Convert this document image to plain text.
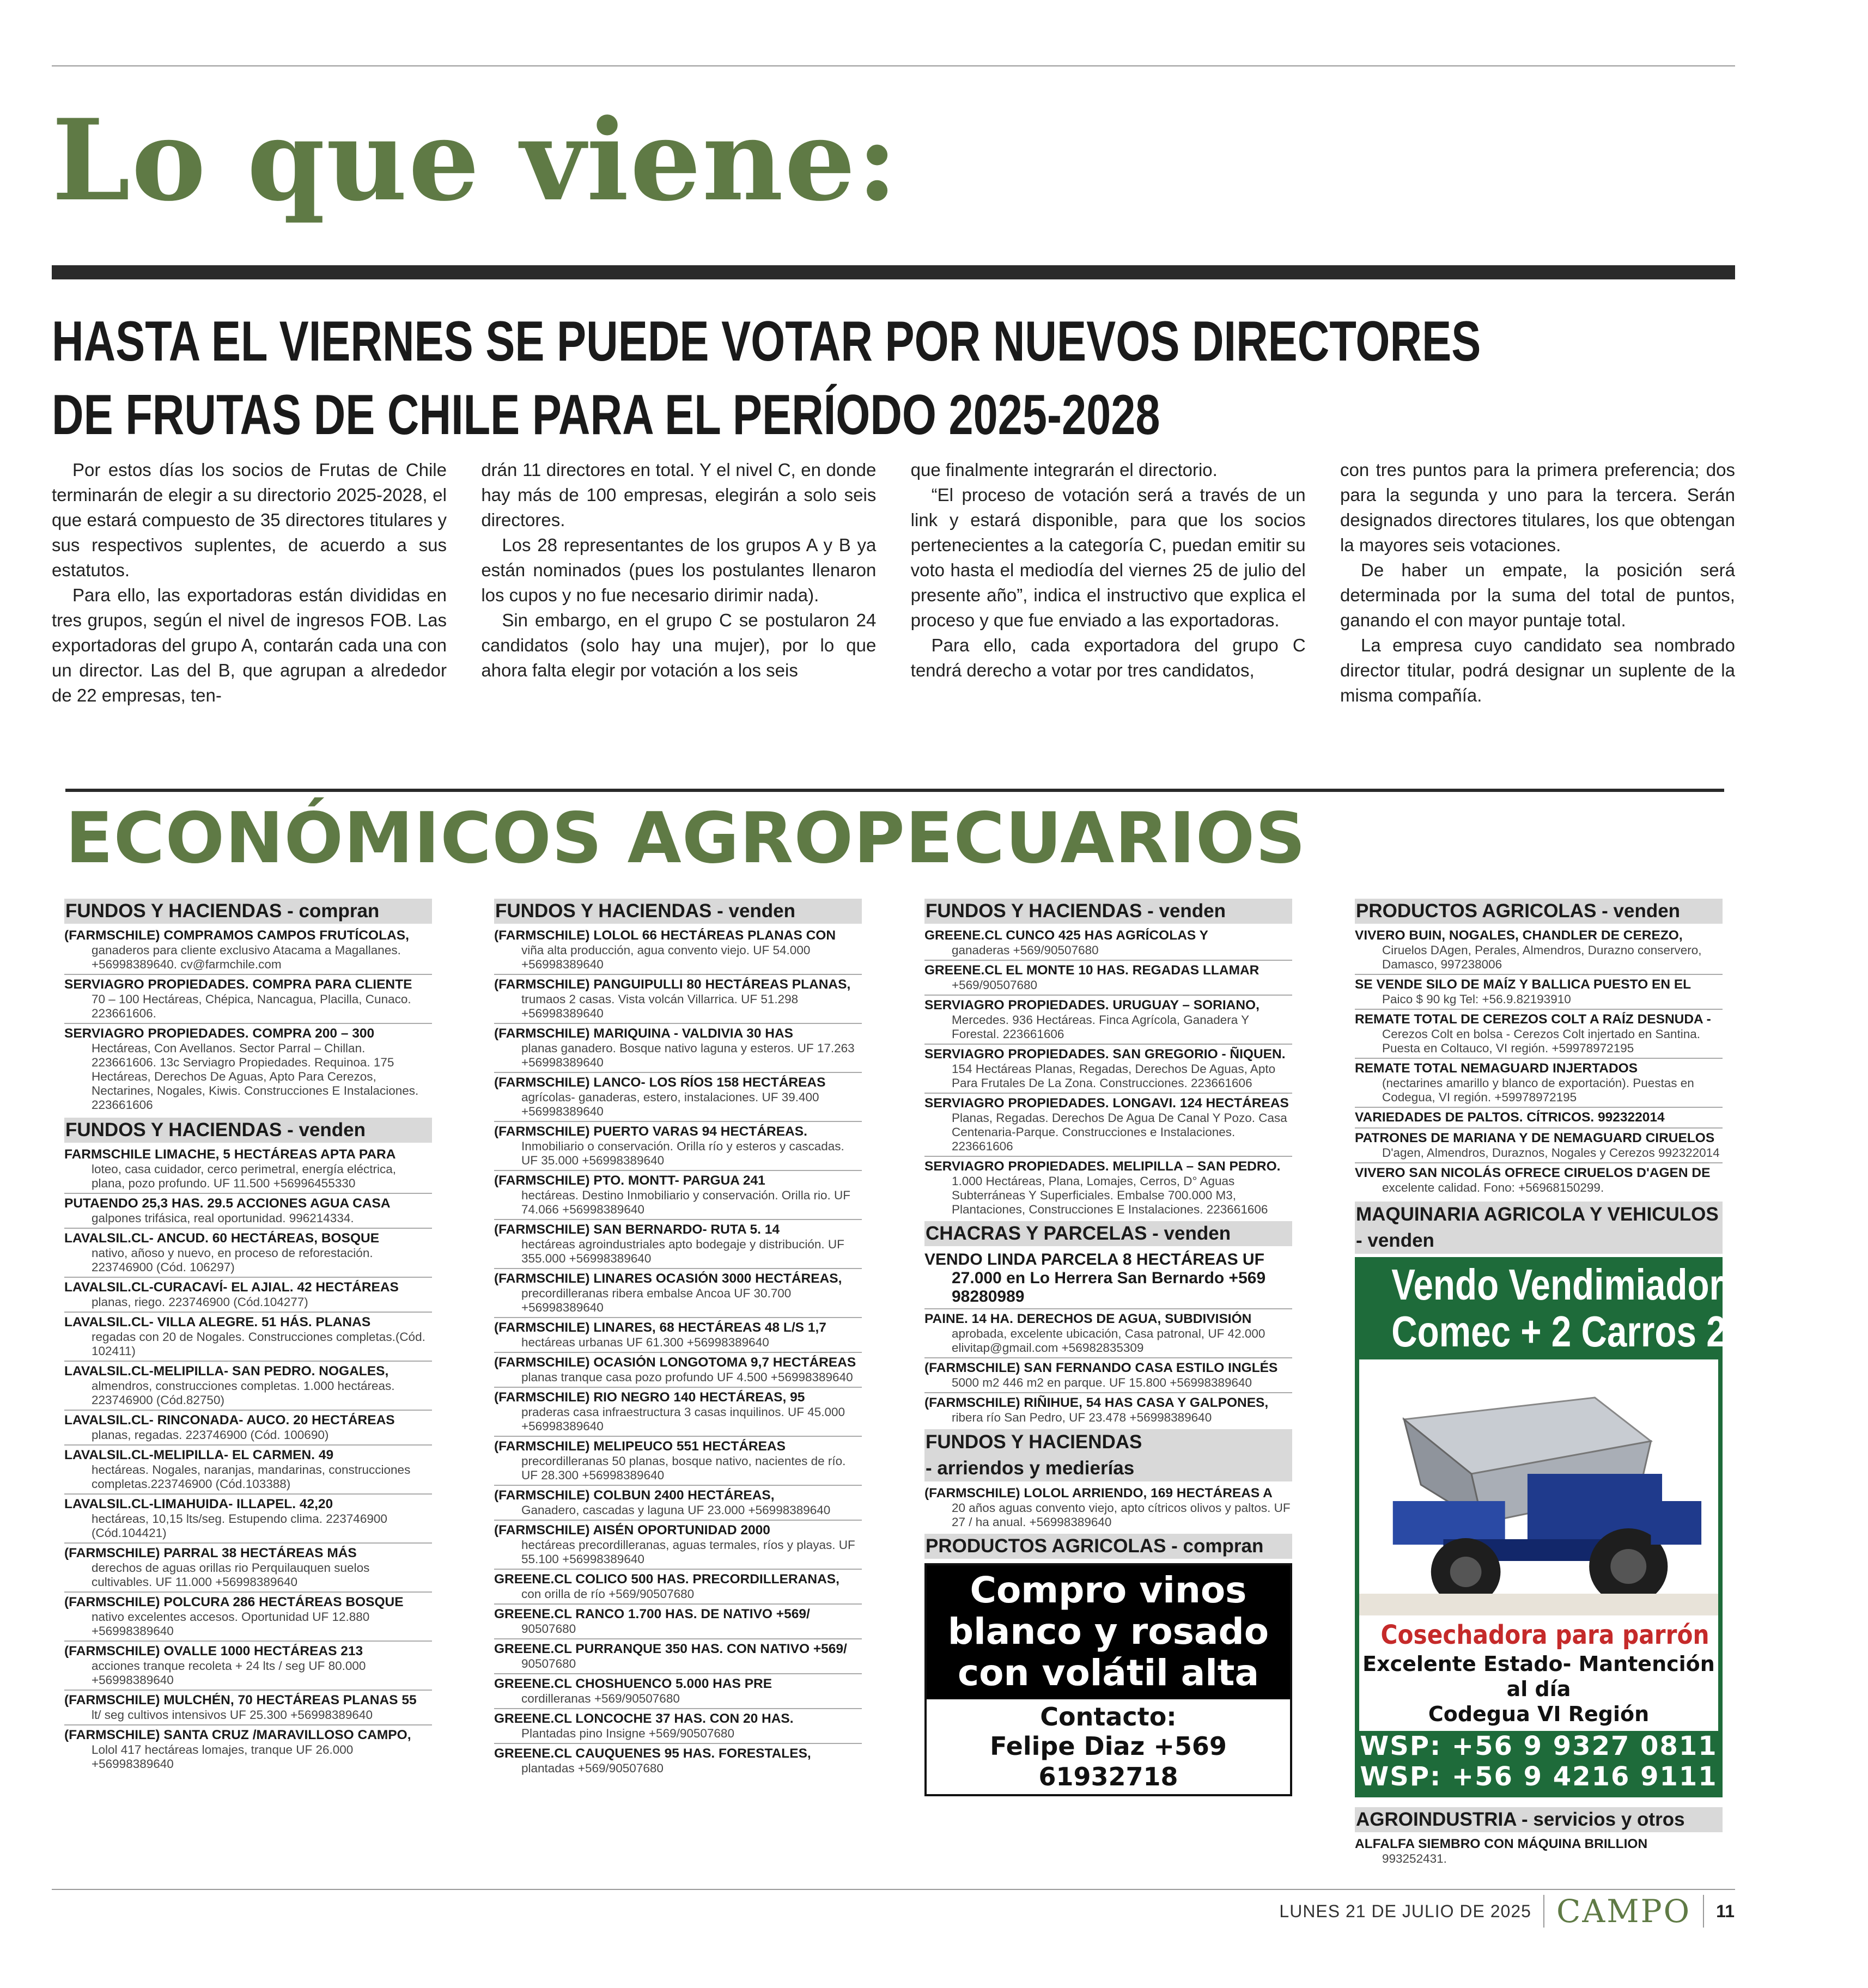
Lo que viene:
HASTA EL VIERNES SE PUEDE VOTAR POR NUEVOS DIRECTORES
DE FRUTAS DE CHILE PARA EL PERÍODO 2025-2028

Por estos días los socios de Frutas de Chile terminarán de elegir a su directorio 2025-2028, el que estará compuesto de 35 directores titulares y sus respectivos suplentes, de acuerdo a sus estatutos.

Para ello, las exportadoras están divididas en tres grupos, según el nivel de ingresos FOB. Las exportadoras del grupo A, contarán cada una con un director. Las del B, que agrupan a alrededor de 22 empresas, ten-

drán 11 directores en total. Y el nivel C, en donde hay más de 100 empresas, elegirán a solo seis directores.

Los 28 representantes de los grupos A y B ya están nominados (pues los postulantes llenaron los cupos y no fue necesario dirimir nada).

Sin embargo, en el grupo C se postularon 24 candidatos (solo hay una mujer), por lo que ahora falta elegir por votación a los seis

que finalmente integrarán el directorio.

“El proceso de votación será a través de un link y estará disponible, para que los socios pertenecientes a la categoría C, puedan emitir su voto hasta el mediodía del viernes 25 de julio del presente año”, indica el instructivo que explica el proceso y que fue enviado a las exportadoras.

Para ello, cada exportadora del grupo C tendrá derecho a votar por tres candidatos,

con tres puntos para la primera preferencia; dos para la segunda y uno para la tercera. Serán designados directores titulares, los que obtengan la mayores seis votaciones.

De haber un empate, la posición será determinada por la suma del total de puntos, ganando el con mayor puntaje total.

La empresa cuyo candidato sea nombrado director titular, podrá designar un suplente de la misma compañía.

ECONÓMICOS AGROPECUARIOS
FUNDOS Y HACIENDAS - compran
(FARMSCHILE) COMPRAMOS CAMPOS FRUTÍCOLAS,
ganaderos para cliente exclusivo Atacama a Magallanes. +56998389640. cv@farmchile.com
SERVIAGRO PROPIEDADES. COMPRA PARA CLIENTE
70 – 100 Hectáreas, Chépica, Nancagua, Placilla, Cunaco. 223661606.
SERVIAGRO PROPIEDADES. COMPRA 200 – 300
Hectáreas, Con Avellanos. Sector Parral – Chillan. 223661606. 13c Serviagro Propiedades. Requinoa. 175 Hectáreas, Derechos De Aguas, Apto Para Cerezos, Nectarines, Nogales, Kiwis. Construcciones E Instalaciones. 223661606
FUNDOS Y HACIENDAS - venden
FARMSCHILE LIMACHE, 5 HECTÁREAS APTA PARA
loteo, casa cuidador, cerco perimetral, energía eléctrica, plana, pozo profundo. UF 11.500 +56996455330
PUTAENDO 25,3 HAS. 29.5 ACCIONES AGUA CASA
galpones trifásica, real oportunidad. 996214334.
LAVALSIL.CL- ANCUD. 60 HECTÁREAS, BOSQUE
nativo, añoso y nuevo, en proceso de reforestación. 223746900 (Cód. 106297)
LAVALSIL.CL-CURACAVÍ- EL AJIAL. 42 HECTÁREAS
planas, riego. 223746900 (Cód.104277)
LAVALSIL.CL- VILLA ALEGRE. 51 HÁS. PLANAS
regadas con 20 de Nogales. Construcciones completas.(Cód. 102411)
LAVALSIL.CL-MELIPILLA- SAN PEDRO. NOGALES,
almendros, construcciones completas. 1.000 hectáreas. 223746900 (Cód.82750)
LAVALSIL.CL- RINCONADA- AUCO. 20 HECTÁREAS
planas, regadas. 223746900 (Cód. 100690)
LAVALSIL.CL-MELIPILLA- EL CARMEN. 49
hectáreas. Nogales, naranjas, mandarinas, construcciones completas.223746900 (Cód.103388)
LAVALSIL.CL-LIMAHUIDA- ILLAPEL. 42,20
hectáreas, 10,15 lts/seg. Estupendo clima. 223746900 (Cód.104421)
(FARMSCHILE) PARRAL 38 HECTÁREAS MÁS
derechos de aguas orillas rio Perquilauquen suelos cultivables. UF 11.000 +56998389640
(FARMSCHILE) POLCURA 286 HECTÁREAS BOSQUE
nativo excelentes accesos. Oportunidad UF 12.880 +56998389640
(FARMSCHILE) OVALLE 1000 HECTÁREAS 213
acciones tranque recoleta + 24 lts / seg UF 80.000 +56998389640
(FARMSCHILE) MULCHÉN, 70 HECTÁREAS PLANAS 55
lt/ seg cultivos intensivos UF 25.300 +56998389640
(FARMSCHILE) SANTA CRUZ /MARAVILLOSO CAMPO,
Lolol 417 hectáreas lomajes, tranque UF 26.000 +56998389640
FUNDOS Y HACIENDAS - venden
(FARMSCHILE) LOLOL 66 HECTÁREAS PLANAS CON
viña alta producción, agua convento viejo. UF 54.000 +56998389640
(FARMSCHILE) PANGUIPULLI 80 HECTÁREAS PLANAS,
trumaos 2 casas. Vista volcán Villarrica. UF 51.298 +56998389640
(FARMSCHILE) MARIQUINA - VALDIVIA 30 HAS
planas ganadero. Bosque nativo laguna y esteros. UF 17.263 +56998389640
(FARMSCHILE) LANCO- LOS RÍOS 158 HECTÁREAS
agrícolas- ganaderas, estero, instalaciones. UF 39.400 +56998389640
(FARMSCHILE) PUERTO VARAS 94 HECTÁREAS.
Inmobiliario o conservación. Orilla río y esteros y cascadas. UF 35.000 +56998389640
(FARMSCHILE) PTO. MONTT- PARGUA 241
hectáreas. Destino Inmobiliario y conservación. Orilla rio. UF 74.066 +56998389640
(FARMSCHILE) SAN BERNARDO- RUTA 5. 14
hectáreas agroindustriales apto bodegaje y distribución. UF 355.000 +56998389640
(FARMSCHILE) LINARES OCASIÓN 3000 HECTÁREAS,
precordilleranas ribera embalse Ancoa UF 30.700 +56998389640
(FARMSCHILE) LINARES, 68 HECTÁREAS 48 L/S 1,7
hectáreas urbanas UF 61.300 +56998389640
(FARMSCHILE) OCASIÓN LONGOTOMA 9,7 HECTÁREAS
planas tranque casa pozo profundo UF 4.500 +56998389640
(FARMSCHILE) RIO NEGRO 140 HECTÁREAS, 95
praderas casa infraestructura 3 casas inquilinos. UF 45.000 +56998389640
(FARMSCHILE) MELIPEUCO 551 HECTÁREAS
precordilleranas 50 planas, bosque nativo, nacientes de río. UF 28.300 +56998389640
(FARMSCHILE) COLBUN 2400 HECTÁREAS,
Ganadero, cascadas y laguna UF 23.000 +56998389640
(FARMSCHILE) AISÉN OPORTUNIDAD 2000
hectáreas precordilleranas, aguas termales, ríos y playas. UF 55.100 +56998389640
GREENE.CL COLICO 500 HAS. PRECORDILLERANAS,
con orilla de río +569/90507680
GREENE.CL RANCO 1.700 HAS. DE NATIVO +569/
90507680
GREENE.CL PURRANQUE 350 HAS. CON NATIVO +569/
90507680
GREENE.CL CHOSHUENCO 5.000 HAS PRE
cordilleranas +569/90507680
GREENE.CL LONCOCHE 37 HAS. CON 20 HAS.
Plantadas pino Insigne +569/90507680
GREENE.CL CAUQUENES 95 HAS. FORESTALES,
plantadas +569/90507680
FUNDOS Y HACIENDAS - venden
GREENE.CL CUNCO 425 HAS AGRÍCOLAS Y
ganaderas +569/90507680
GREENE.CL EL MONTE 10 HAS. REGADAS LLAMAR
+569/90507680
SERVIAGRO PROPIEDADES. URUGUAY – SORIANO,
Mercedes. 936 Hectáreas. Finca Agrícola, Ganadera Y Forestal. 223661606
SERVIAGRO PROPIEDADES. SAN GREGORIO - ÑIQUEN.
154 Hectáreas Planas, Regadas, Derechos De Aguas, Apto Para Frutales De La Zona. Construcciones. 223661606
SERVIAGRO PROPIEDADES. LONGAVI. 124 HECTÁREAS
Planas, Regadas. Derechos De Agua De Canal Y Pozo. Casa Centenaria-Parque. Construcciones e Instalaciones. 223661606
SERVIAGRO PROPIEDADES. MELIPILLA – SAN PEDRO.
1.000 Hectáreas, Plana, Lomajes, Cerros, D° Aguas Subterráneas Y Superficiales. Embalse 700.000 M3, Plantaciones, Construcciones E Instalaciones. 223661606
CHACRAS Y PARCELAS - venden
VENDO LINDA PARCELA 8 HECTÁREAS UF
27.000 en Lo Herrera San Bernardo +569 98280989
PAINE. 14 HA. DERECHOS DE AGUA, SUBDIVISIÓN
aprobada, excelente ubicación, Casa patronal, UF 42.000 elivitap@gmail.com +56982835309
(FARMSCHILE) SAN FERNANDO CASA ESTILO INGLÉS
5000 m2 446 m2 en parque. UF 15.800 +56998389640
(FARMSCHILE) RIÑIHUE, 54 HAS CASA Y GALPONES,
ribera río San Pedro, UF 23.478 +56998389640
FUNDOS Y HACIENDAS
- arriendos y medierías
(FARMSCHILE) LOLOL ARRIENDO, 169 HECTÁREAS A
20 años aguas convento viejo, apto cítricos olivos y paltos. UF 27 / ha anual. +56998389640
PRODUCTOS AGRICOLAS - compran
Compro vinos
blanco y rosado
con volátil alta
Contacto:
Felipe Diaz +569 61932718
PRODUCTOS AGRICOLAS - venden
VIVERO BUIN, NOGALES, CHANDLER DE CEREZO,
Ciruelos DAgen, Perales, Almendros, Durazno conservero, Damasco, 997238006
SE VENDE SILO DE MAÍZ Y BALLICA PUESTO EN EL
Paico $ 90 kg Tel: +56.9.82193910
REMATE TOTAL DE CEREZOS COLT A RAÍZ DESNUDA -
Cerezos Colt en bolsa - Cerezos Colt injertado en Santina. Puesta en Coltauco, VI región. +59978972195
REMATE TOTAL NEMAGUARD INJERTADOS
(nectarines amarillo y blanco de exportación). Puestas en Codegua, VI región. +59978972195
VARIEDADES DE PALTOS. CÍTRICOS. 992322014
PATRONES DE MARIANA Y DE NEMAGUARD CIRUELOS
D'agen, Almendros, Duraznos, Nogales y Cerezos 992322014
VIVERO SAN NICOLÁS OFRECE CIRUELOS D'AGEN DE
excelente calidad. Fono: +56968150299.
MAQUINARIA AGRICOLA Y VEHICULOS - venden
Vendo Vendimiadora
Comec + 2 Carros 2016
Cosechadora para parrón
Excelente Estado- Mantención al día
Codegua VI Región
WSP: +56 9 9327 0811
WSP: +56 9 4216 9111
AGROINDUSTRIA - servicios y otros
ALFALFA SIEMBRO CON MÁQUINA BRILLION
993252431.
LUNES 21 DE JULIO DE 2025 CAMPO 11
